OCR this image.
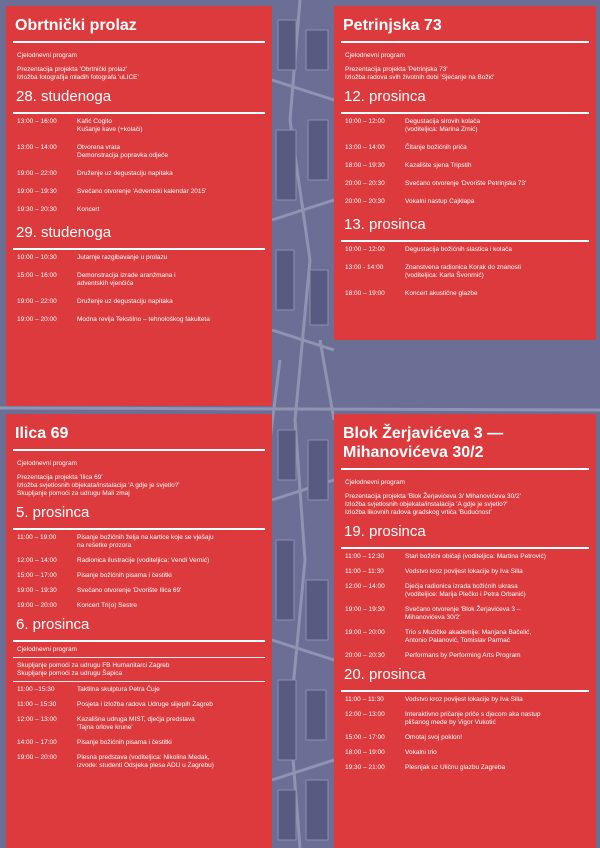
Obrtnički prolaz
Cjelodnevni program
Prezentacija projekta 'Obrtnički prolaz'
Izložba fotografija mladih fotografa 'uLICE'
28. studenoga
13:00 – 16:00	Kafić Cogito
Kušanje kave (+kolači)
13:00 – 14:00	Otvorena vrata
Demonstracija popravka odjeće
19:00 – 22:00	Druženje uz degustaciju napitaka
19:00 – 19:30	Svečano otvorenje 'Adventski kalendar 2015'
19:30 – 20:30	Koncert
29. studenoga
10:00 – 10:30	Jutarnje razgibavanje u prolazu
15:00 – 16:00	Demonstracija izrade aranžmana i
adventskih vjenčića
19:00 – 22:00	Druženje uz degustaciju napitaka
19:00 – 20:00	Modna revija Tekstilno – tehnološkog fakulteta
Petrinjska 73
Cjelodnevni program
Prezentacija projekta 'Petrinjska 73'
Izložba radova svih životnih dobi 'Sjećanje na Božić'
12. prosinca
10:00 – 12:00	Degustacija sirovih kolača
(voditeljica: Marina Zrnić)
13:00 – 14:00	Čitanje božićnih priča
18:00 – 19:30	Kazalište sjena Tripstih
20:00 – 20:30	Svečano otvorenje 'Dvorište Petrinjska 73'
20:00 – 20:30	Vokalni nastup Cajklapa
13. prosinca
10:00 – 12:00	Degustacija božićnih slastica i kolača
13:00 - 14:00	Znanstvena radionica Korak do znanosti
(voditeljica: Karla Švonrnić)
18:00 – 19:00	Koncert akustične glazbe
Ilica 69
Cjelodnevni program
Prezentacija projekta 'Ilica 69'
Izložba svjetlosnih objekata/instalacija 'A gdje je svjetlo?'
Skupljanje pomoći za udrugu Mali zmaj
5. prosinca
11:00 – 19:00	Pisanje božićnih želja na kartice koje se vješaju
na rešetke prozora
12:00 – 14:00	Radionica ilustracije (voditeljica: Vendi Vernić)
15:00 – 17:00	Pisanje božićnih pisama i čestitki
19:00 – 19:30	Svečano otvorenje 'Dvorište Ilica 69'
19:00 – 20:00	Koncert Tri(o) Sestre
6. prosinca
Cjelodnevni program
Skupljanje pomoći za udrugu FB Humanitarci Zagreb
Skupljanje pomoći za udrugu Šapica
11:00 –15:30	Taktilna skulptura Petra Čuje
11:00 – 15:30	Posjeta i izložba radova Udruge slijepih Zagreb
12:00 – 13:00	Kazališna udruga MIST, dječja predstava
'Tajna orlove krune'
14:00 – 17:00	Pisanje božićnih pisama i čestitki
19:00 – 20:00	Plesna predstava (voditeljica: Nikolina Medak,
izvode: studenti Odsjeka plesa ADU u Zagrebu)
Blok Žerjavićeva 3 —
Mihanovićeva 30/2
Cjelodnevni program
Prezentacija projekta 'Blok Žerjavićeva 3/ Mihanovićeva 30/2'
Izložba svjetlosnih objekata/instalacija 'A gdje je svjetlo?'
Izložba likovnih radova gradskog vrtića 'Budućnost'
19. prosinca
11:00 – 12:30	Stari božićni običaji (voditeljica: Martina Petrović)
11:00 – 11:30	Vodstvo kroz povijest lokacije by Iva Silla
12:00 – 14:00	Dječja radionica izrada božićnih ukrasa
(voditeljice: Marija Plečko i Petra Orbanić)
19:00 – 19:30	Svečano otvorenje 'Blok Žerjavićeva 3 –
Mihanovićeva 30/2'
19:00 – 20:00	Trio s Muzičke akademije: Manjana Bačelić,
Antonio Palanović, Tomislav Parmač
20:00 – 20:30	Performans by Performing Arts Program
20. prosinca
11:00 – 11:30	Vodstvo kroz povijest lokacije by Iva Silla
12:00 – 13:00	Interaktivno pričanje priče s djecom aka nastup
plišanog mede by Vigor Vukotić
15:00 – 17:00	Omotaj svoj poklon!
18:00 – 19:00	Vokalni trio
19:30 – 21:00	Plesnjak uz Uličnu glazbu Zagreba
